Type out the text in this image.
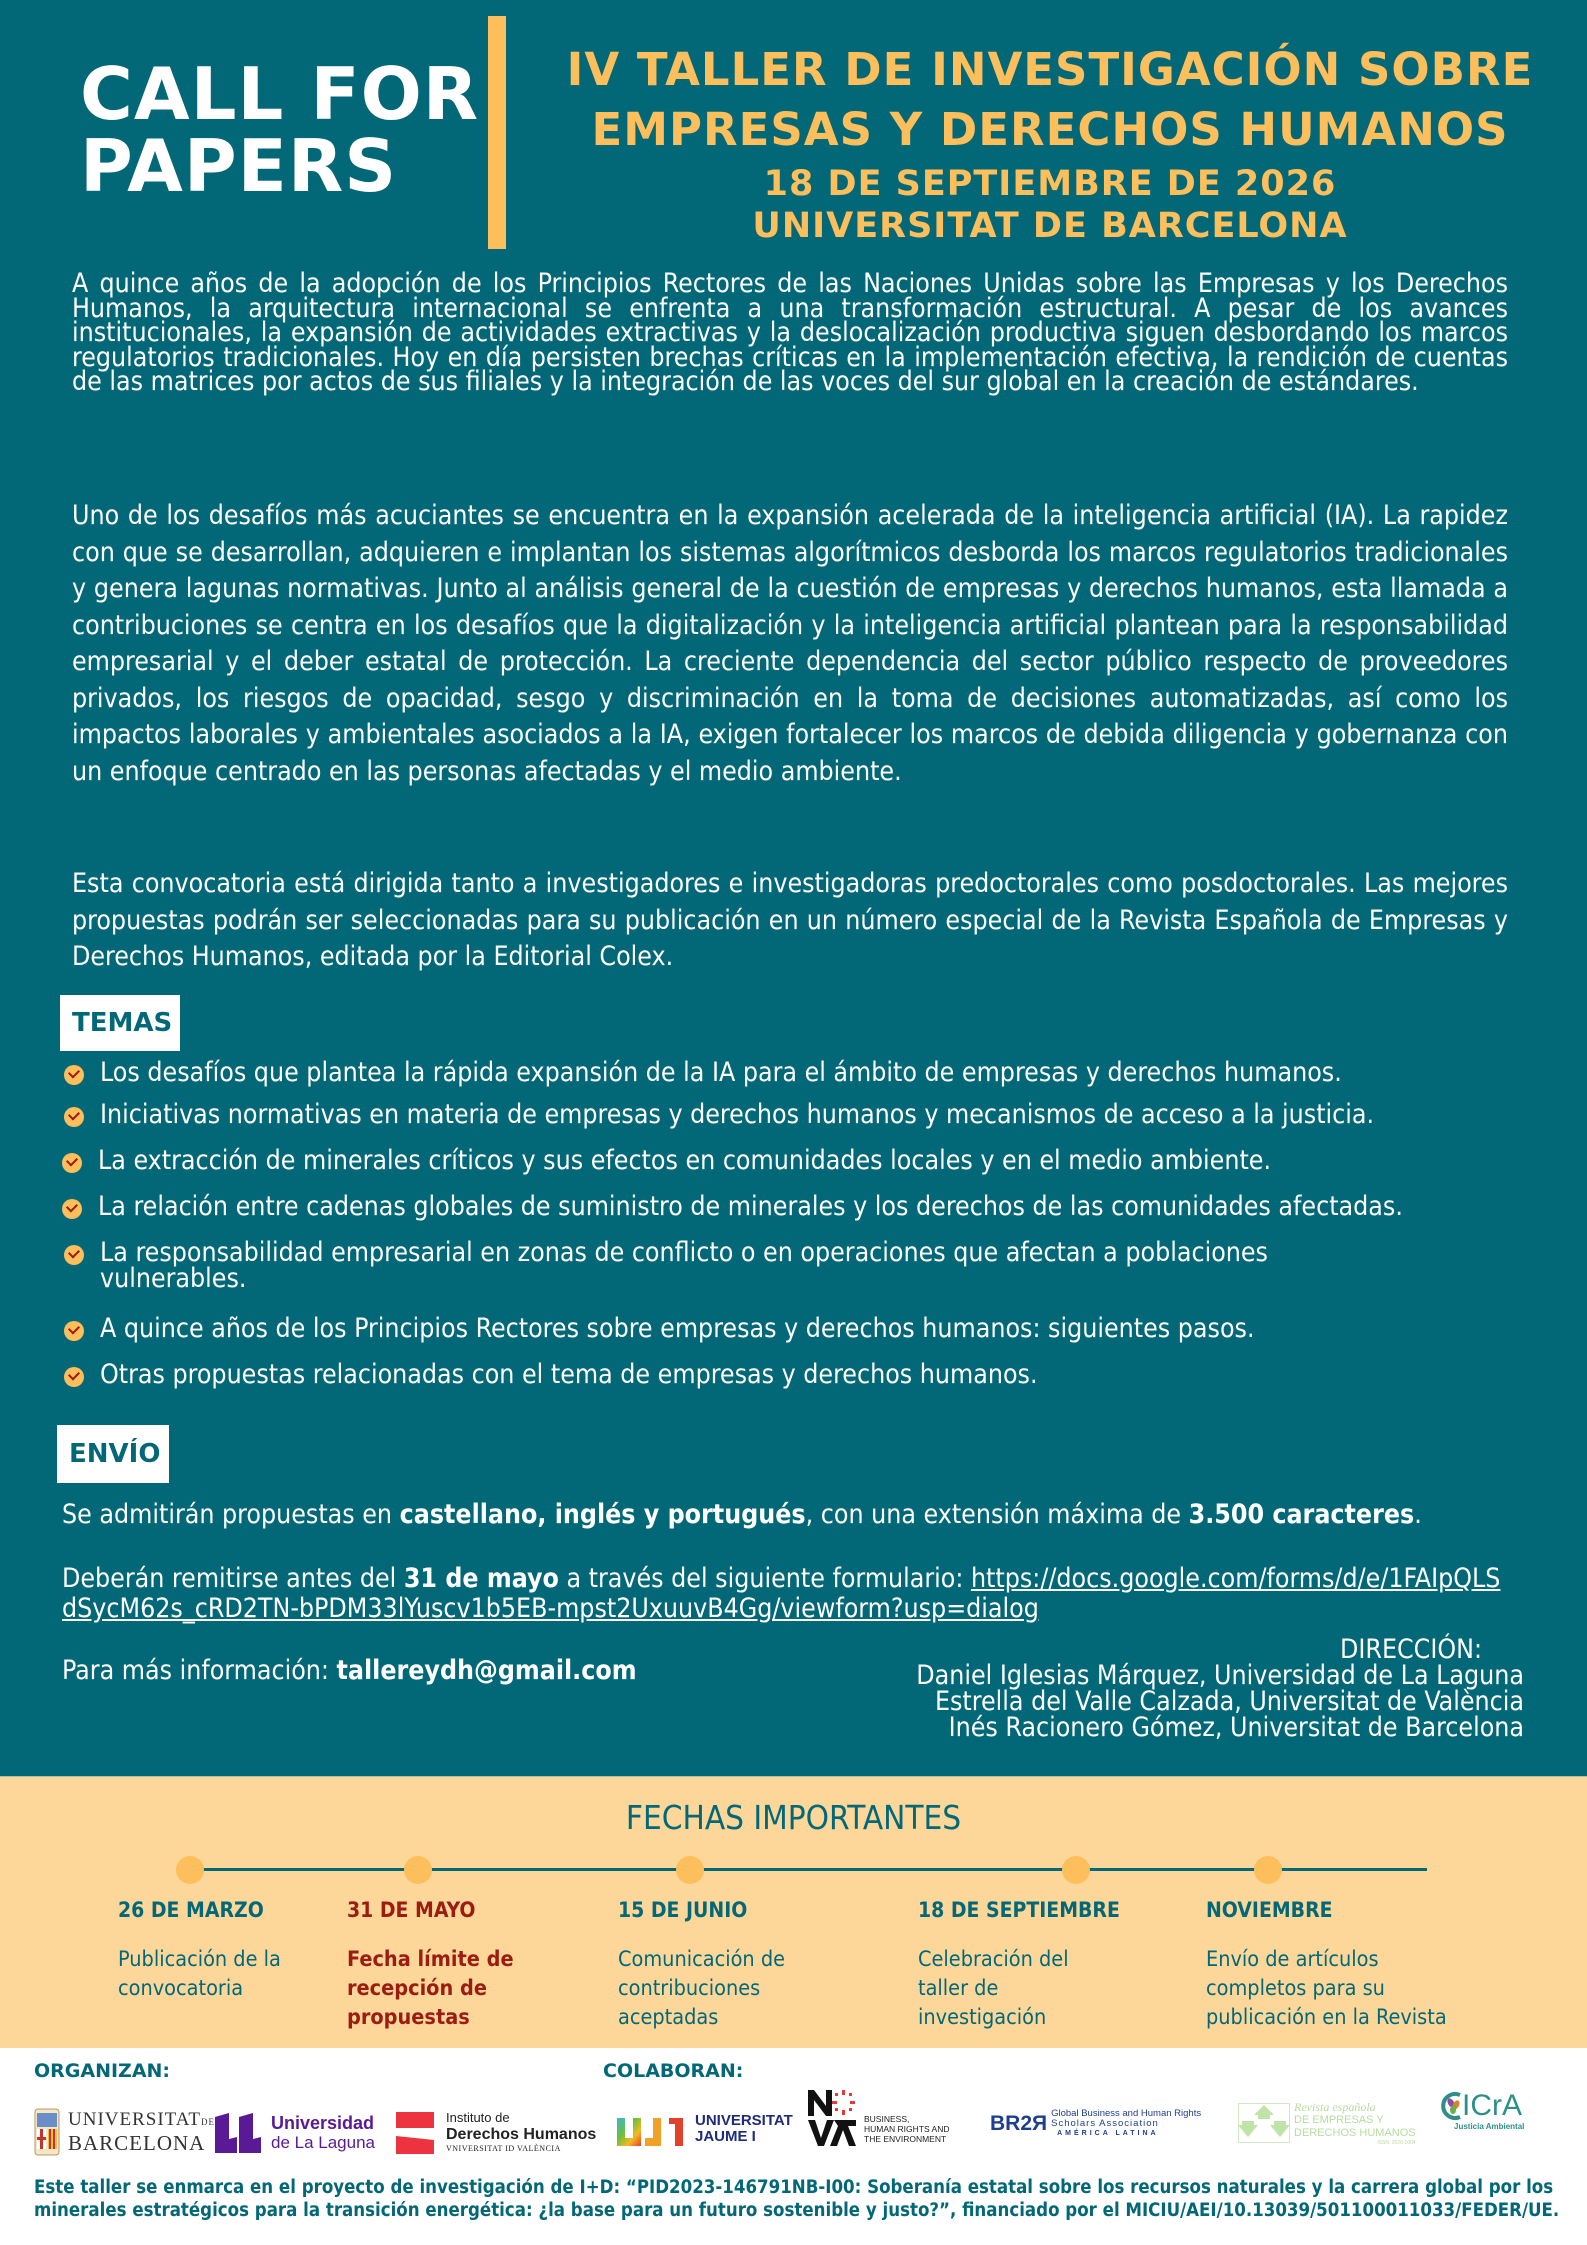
CALL FOR
PAPERS
IV TALLER DE INVESTIGACIÓN SOBRE
EMPRESAS Y DERECHOS HUMANOS
18 DE SEPTIEMBRE DE 2026
UNIVERSITAT DE BARCELONA

A quince años de la adopción de los Principios Rectores de las Naciones Unidas sobre las Empresas y los Derechos Humanos, la arquitectura internacional se enfrenta a una transformación estructural. A pesar de los avances institucionales, la expansión de actividades extractivas y la deslocalización productiva siguen desbordando los marcos regulatorios tradicionales. Hoy en día persisten brechas críticas en la implementación efectiva, la rendición de cuentas de las matrices por actos de sus filiales y la integración de las voces del sur global en la creación de estándares.

Uno de los desafíos más acuciantes se encuentra en la expansión acelerada de la inteligencia artificial (IA). La rapidez con que se desarrollan, adquieren e implantan los sistemas algorítmicos desborda los marcos regulatorios tradicionales y genera lagunas normativas. Junto al análisis general de la cuestión de empresas y derechos humanos, esta llamada a contribuciones se centra en los desafíos que la digitalización y la inteligencia artificial plantean para la responsabilidad empresarial y el deber estatal de protección. La creciente dependencia del sector público respecto de proveedores privados, los riesgos de opacidad, sesgo y discriminación en la toma de decisiones automatizadas, así como los impactos laborales y ambientales asociados a la IA, exigen fortalecer los marcos de debida diligencia y gobernanza con un enfoque centrado en las personas afectadas y el medio ambiente.

Esta convocatoria está dirigida tanto a investigadores e investigadoras predoctorales como posdoctorales. Las mejores propuestas podrán ser seleccionadas para su publicación en un número especial de la Revista Española de Empresas y Derechos Humanos, editada por la Editorial Colex.

TEMAS
Los desafíos que plantea la rápida expansión de la IA para el ámbito de empresas y derechos humanos.
Iniciativas normativas en materia de empresas y derechos humanos y mecanismos de acceso a la justicia.
La extracción de minerales críticos y sus efectos en comunidades locales y en el medio ambiente.
La relación entre cadenas globales de suministro de minerales y los derechos de las comunidades afectadas.
La responsabilidad empresarial en zonas de conflicto o en operaciones que afectan a poblaciones vulnerables.
A quince años de los Principios Rectores sobre empresas y derechos humanos: siguientes pasos.
Otras propuestas relacionadas con el tema de empresas y derechos humanos.
ENVÍO
Se admitirán propuestas en castellano, inglés y portugués, con una extensión máxima de 3.500 caracteres.
Deberán remitirse antes del 31 de mayo a través del siguiente formulario: https://docs.google.com/forms/d/e/1FAIpQLSdSycM62s_cRD2TN-bPDM33lYuscv1b5EB-mpst2UxuuvB4Gg/viewform?usp=dialog
Para más información: tallereydh@gmail.com
DIRECCIÓN:
Daniel Iglesias Márquez, Universidad de La Laguna
Estrella del Valle Calzada, Universitat de València
Inés Racionero Gómez, Universitat de Barcelona
FECHAS IMPORTANTES
26 DE MARZO
Publicación de la convocatoria
31 DE MAYO
Fecha límite de recepción de propuestas
15 DE JUNIO
Comunicación de contribuciones aceptadas
18 DE SEPTIEMBRE
Celebración del taller de investigación
NOVIEMBRE
Envío de artículos completos para su publicación en la Revista
ORGANIZAN:	COLABORAN:
UNIVERSITATDE
BARCELONA
Universidad
de La Laguna
Instituto de
Derechos Humanos
VNIVERSITAT ID VALÈNCIA
UNIVERSITAT
JAUME I
BUSINESS,
HUMAN RIGHTS AND
THE ENVIRONMENT
BR2Я Global Business and Human Rights
Scholars Association
AMÉRICA LATINA
Revista española
DE EMPRESAS Y
DERECHOS HUMANOS
ISSN: 2020-1004
ICrA
Justicia Ambiental
Este taller se enmarca en el proyecto de investigación de I+D: “PID2023-146791NB-I00: Soberanía estatal sobre los recursos naturales y la carrera global por los minerales estratégicos para la transición energética: ¿la base para un futuro sostenible y justo?”, financiado por el MICIU/AEI/10.13039/501100011033/FEDER/UE.
